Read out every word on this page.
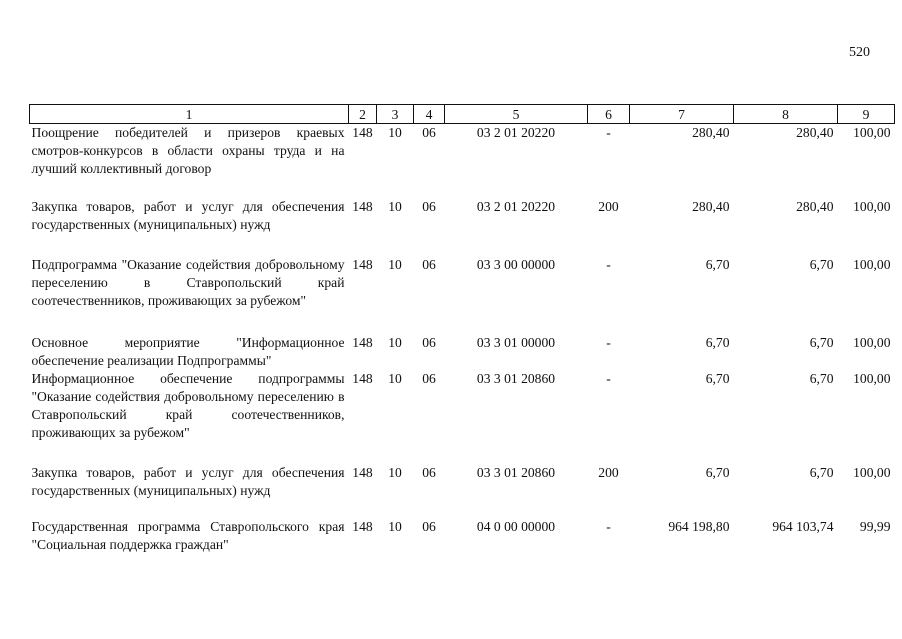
520
1	2	3	4	5	6	7	8	9
Поощрение победителей и призеров краевых смотров-конкурсов в области охраны труда и на лучший коллективный договор	148	10	06	03 2 01 20220	-	280,40	280,40	100,00
Закупка товаров, работ и услуг для обеспечения государственных (муниципальных) нужд	148	10	06	03 2 01 20220	200	280,40	280,40	100,00
Подпрограмма "Оказание содействия добровольному переселению в Ставропольский край соотечественников, проживающих за рубежом"	148	10	06	03 3 00 00000	-	6,70	6,70	100,00
Основное мероприятие "Информационное обеспечение реализации Подпрограммы"	148	10	06	03 3 01 00000	-	6,70	6,70	100,00
Информационное обеспечение подпрограммы "Оказание содействия добровольному переселению в Ставропольский край соотечественников, проживающих за рубежом"	148	10	06	03 3 01 20860	-	6,70	6,70	100,00
Закупка товаров, работ и услуг для обеспечения государственных (муниципальных) нужд	148	10	06	03 3 01 20860	200	6,70	6,70	100,00
Государственная программа Ставропольского края "Социальная поддержка граждан"	148	10	06	04 0 00 00000	-	964 198,80	964 103,74	99,99
